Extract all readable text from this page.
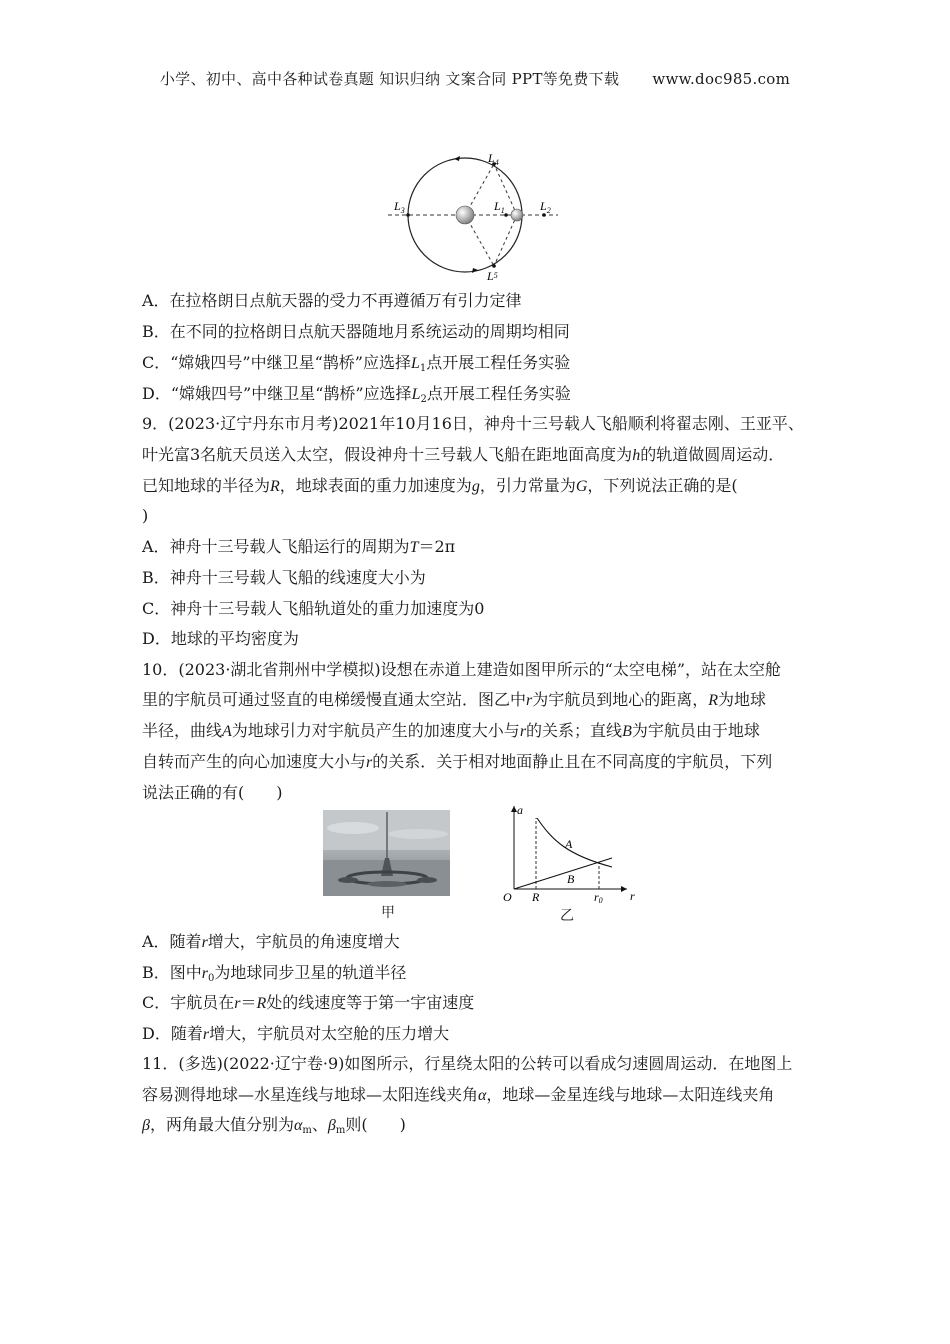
小学、初中、高中各种试卷真题 知识归纳 文案合同 PPT等免费下载 www.doc985.com
$L_4$
L5
$L_3$	$L_1$	$L_2$
A．在拉格朗日点航天器的受力不再遵循万有引力定律
B．在不同的拉格朗日点航天器随地月系统运动的周期均相同
C．“嫦娥四号”中继卫星“鹊桥”应选择$L_1$点开展工程任务实验
D．“嫦娥四号”中继卫星“鹊桥”应选择$L_2$点开展工程任务实验
9．(2023·辽宁丹东市月考)2021年10月16日，神舟十三号载人飞船顺利将翟志刚、王亚平、
叶光富3名航天员送入太空，假设神舟十三号载人飞船在距地面高度为h的轨道做圆周运动．
已知地球的半径为R，地球表面的重力加速度为g，引力常量为G，下列说法正确的是(
)
A．神舟十三号载人飞船运行的周期为T＝2π
B．神舟十三号载人飞船的线速度大小为
C．神舟十三号载人飞船轨道处的重力加速度为0
D．地球的平均密度为
10．(2023·湖北省荆州中学模拟)设想在赤道上建造如图甲所示的“太空电梯”，站在太空舱
里的宇航员可通过竖直的电梯缓慢直通太空站．图乙中r为宇航员到地心的距离，R为地球
半径，曲线A为地球引力对宇航员产生的加速度大小与r的关系；直线B为宇航员由于地球
自转而产生的向心加速度大小与r的关系．关于相对地面静止且在不同高度的宇航员，下列
说法正确的有(　　)
甲
a
r
O R	r0
A
B
乙
A．随着r增大，宇航员的角速度增大
B．图中$r_0$为地球同步卫星的轨道半径
C．宇航员在r＝R处的线速度等于第一宇宙速度
D．随着r增大，宇航员对太空舱的压力增大
11．(多选)(2022·辽宁卷·9)如图所示，行星绕太阳的公转可以看成匀速圆周运动．在地图上
容易测得地球—水星连线与地球—太阳连线夹角α，地球—金星连线与地球—太阳连线夹角
β，两角最大值分别为$\alpha_m$、$\beta_m$则(　　)
